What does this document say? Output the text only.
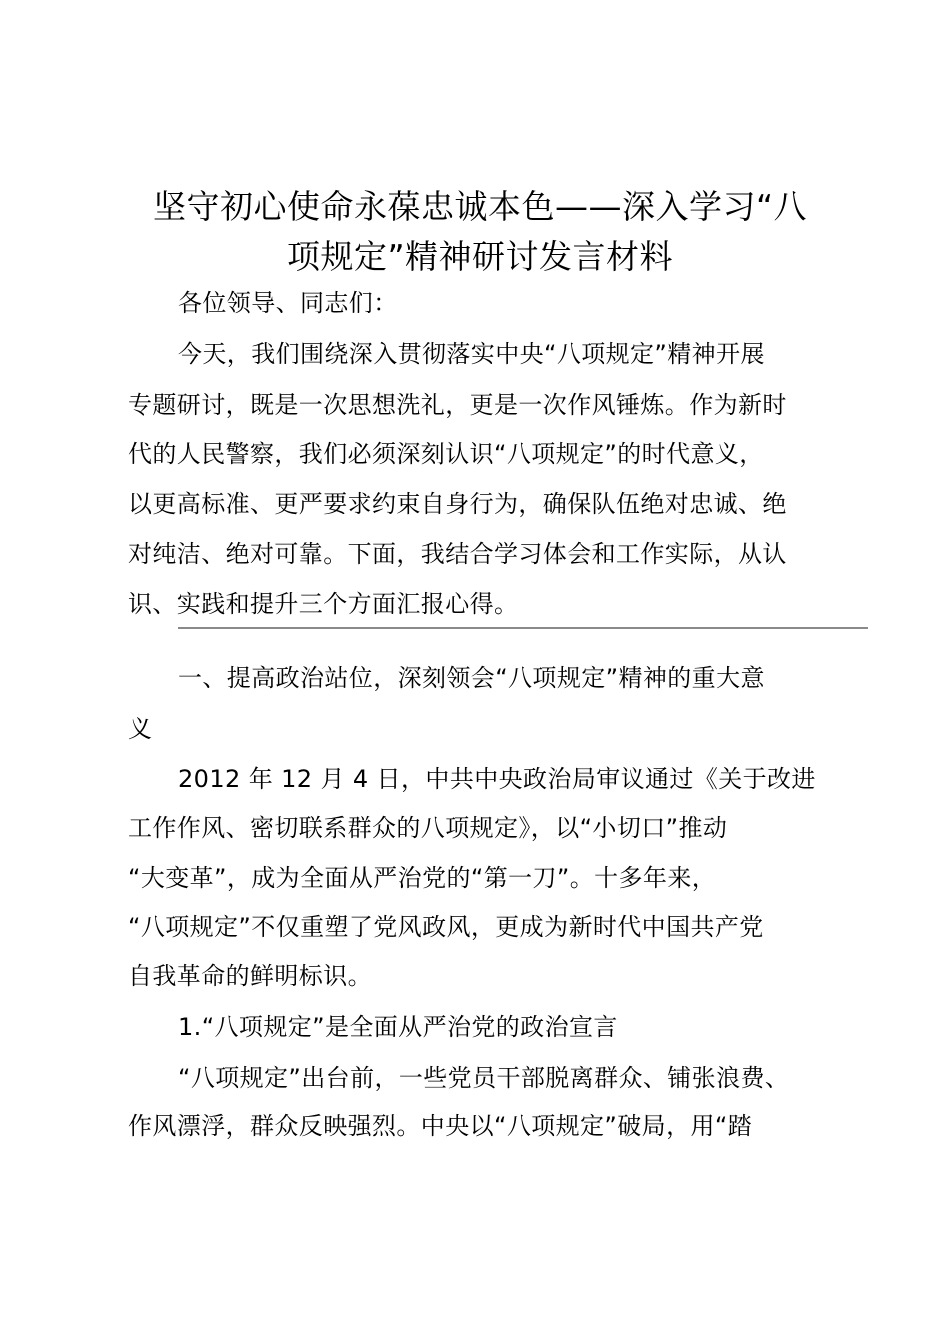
坚守初心使命永葆忠诚本色——深入学习“八
项规定”精神研讨发言材料
各位领导、同志们：
今天，我们围绕深入贯彻落实中央“八项规定”精神开展
专题研讨，既是一次思想洗礼，更是一次作风锤炼。作为新时
代的人民警察，我们必须深刻认识“八项规定”的时代意义，
以更高标准、更严要求约束自身行为，确保队伍绝对忠诚、绝
对纯洁、绝对可靠。下面，我结合学习体会和工作实际，从认
识、实践和提升三个方面汇报心得。
一、提高政治站位，深刻领会“八项规定”精神的重大意
义
2012 年 12 月 4 日，中共中央政治局审议通过《关于改进
工作作风、密切联系群众的八项规定》，以“小切口”推动
“大变革”，成为全面从严治党的“第一刀”。十多年来，
“八项规定”不仅重塑了党风政风，更成为新时代中国共产党
自我革命的鲜明标识。
1.“八项规定”是全面从严治党的政治宣言
“八项规定”出台前，一些党员干部脱离群众、铺张浪费、
作风漂浮，群众反映强烈。中央以“八项规定”破局，用“踏
